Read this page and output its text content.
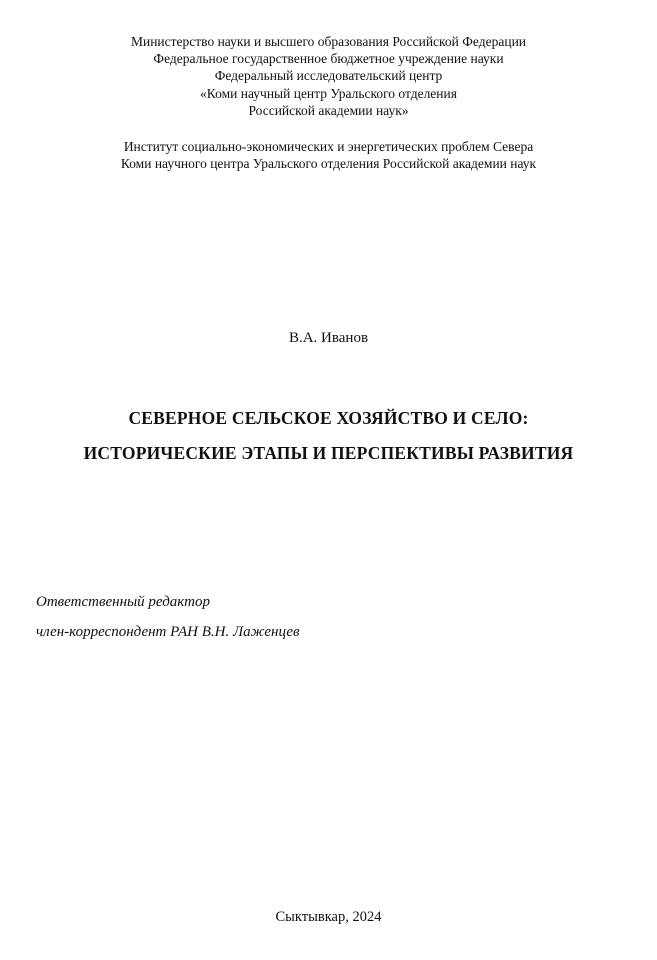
Министерство науки и высшего образования Российской Федерации
Федеральное государственное бюджетное учреждение науки
Федеральный исследовательский центр
«Коми научный центр Уральского отделения
Российской академии наук»
Институт социально-экономических и энергетических проблем Севера
Коми научного центра Уральского отделения Российской академии наук
В.А. Иванов
СЕВЕРНОЕ СЕЛЬСКОЕ ХОЗЯЙСТВО И СЕЛО:
ИСТОРИЧЕСКИЕ ЭТАПЫ И ПЕРСПЕКТИВЫ РАЗВИТИЯ
Ответственный редактор
член-корреспондент РАН В.Н. Лаженцев
Сыктывкар, 2024
